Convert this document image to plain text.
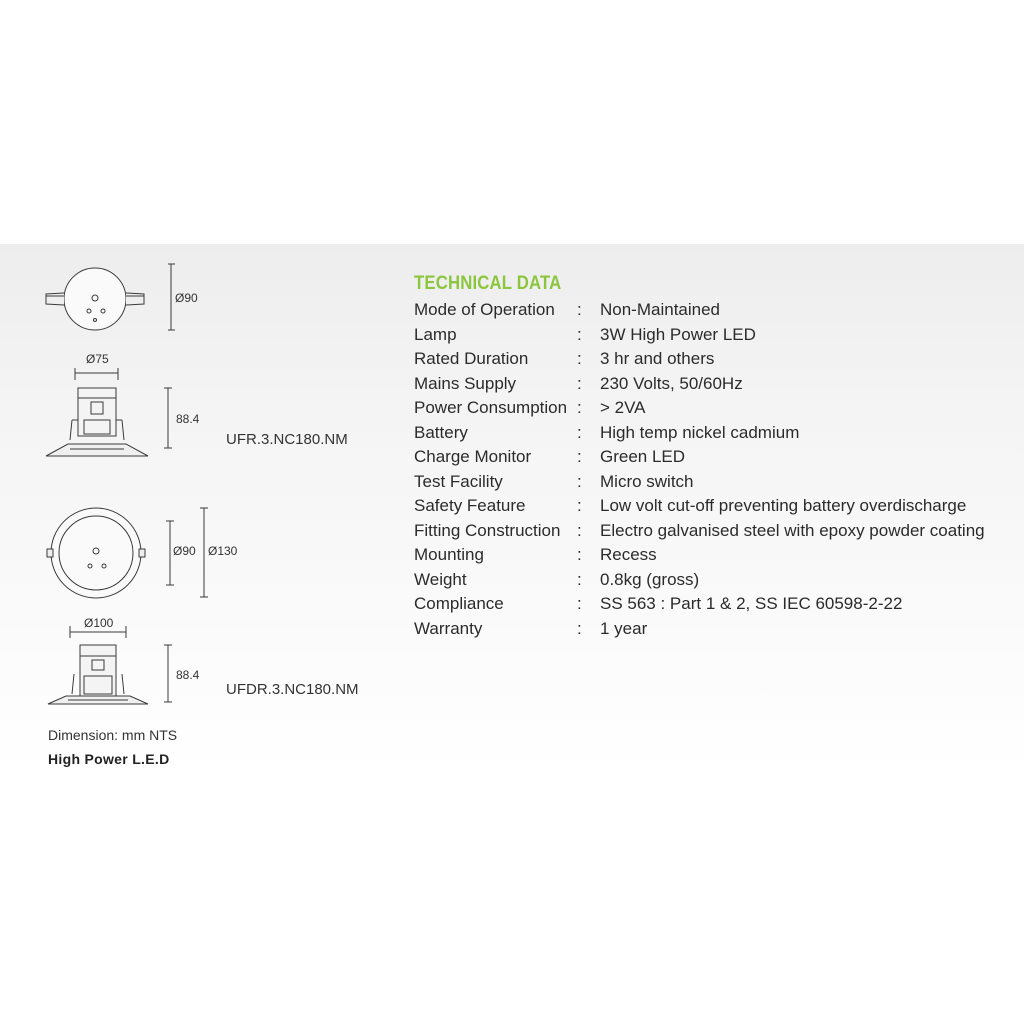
Ø90
Ø75
88.4
UFR.3.NC180.NM
Ø90 Ø130
Ø100
88.4
UFDR.3.NC180.NM
Dimension: mm NTS
High Power L.E.D
TECHNICAL DATA
Mode of Operation : Non-Maintained
Lamp	: 3W High Power LED
Rated Duration	: 3 hr and others
Mains Supply	: 230 Volts, 50/60Hz
Power Consumption : > 2VA
Battery	: High temp nickel cadmium
Charge Monitor	: Green LED
Test Facility	: Micro switch
Safety Feature	: Low volt cut-off preventing battery overdischarge
Fitting Construction : Electro galvanised steel with epoxy powder coating
Mounting	: Recess
Weight	: 0.8kg (gross)
Compliance	: SS 563 : Part 1 & 2, SS IEC 60598-2-22
Warranty	: 1 year
